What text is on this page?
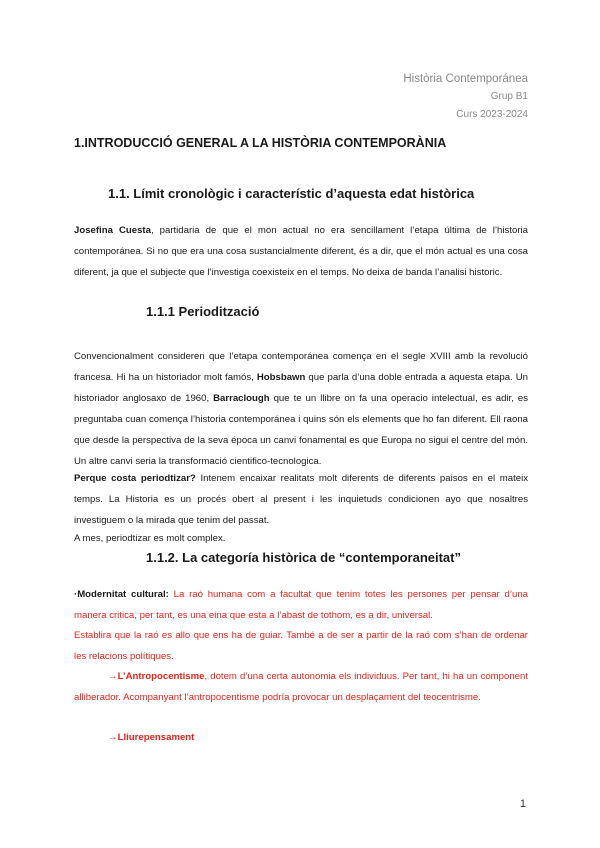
Història Contemporánea
Grup B1
Curs 2023-2024
1.INTRODUCCIÓ GENERAL A LA HISTÒRIA CONTEMPORÀNIA
1.1. Límit cronològic i característic d’aquesta edat històrica

Josefina Cuesta, partidaria de que el mon actual no era sencillament l’etapa última de l’historia contemporánea. Si no que era una cosa sustancialmente diferent, és a dir, que el món actual es una cosa diferent, ja que el subjecte que l’investiga coexisteix en el temps. No deixa de banda l’analisi historic.

1.1.1 Periodització

Convencionalment consideren que l’etapa contemporánea comença en el segle XVIII amb la revolució francesa. Hi ha un historiador molt famós, Hobsbawn que parla d’una doble entrada a aquesta etapa. Un historiador anglosaxo de 1960, Barraclough que te un llibre on fa una operacio intelectual, es adir, es preguntaba cuan comença l’historia contemporánea i quins són els elements que ho fan diferent. Ell raona que desde la perspectiva de la seva época un canvi fonamental es que Europa no sigui el centre del món. Un altre canvi seria la transformació cientifico-tecnologica.

Perque costa periodtizar? Intenem encaixar realitats molt diferents de diferents paisos en el mateix temps. La Historia es un procés obert al present i les inquietuds condicionen ayo que nosaltres investiguem o la mirada que tenim del passat.

A mes, periodtizar es molt complex.

1.1.2. La categoría històrica de “contemporaneitat”

·Modernitat cultural: La raó humana com a facultat que tenim totes les persones per pensar d’una manera critica, per tant, es una eina que esta a l’abast de tothom, es a dir, universal.

Establira que la raó es allo que ens ha de guiar. També a de ser a partir de la raó com s’han de ordenar les relacions polítiques.

→L’Antropocentisme, dotem d’una certa autonomia els individuus. Per tant, hi ha un component alliberador. Acompanyant l’antropocentisme podría provocar un desplaçament del teocentrisme.

→Lliurepensament

1
